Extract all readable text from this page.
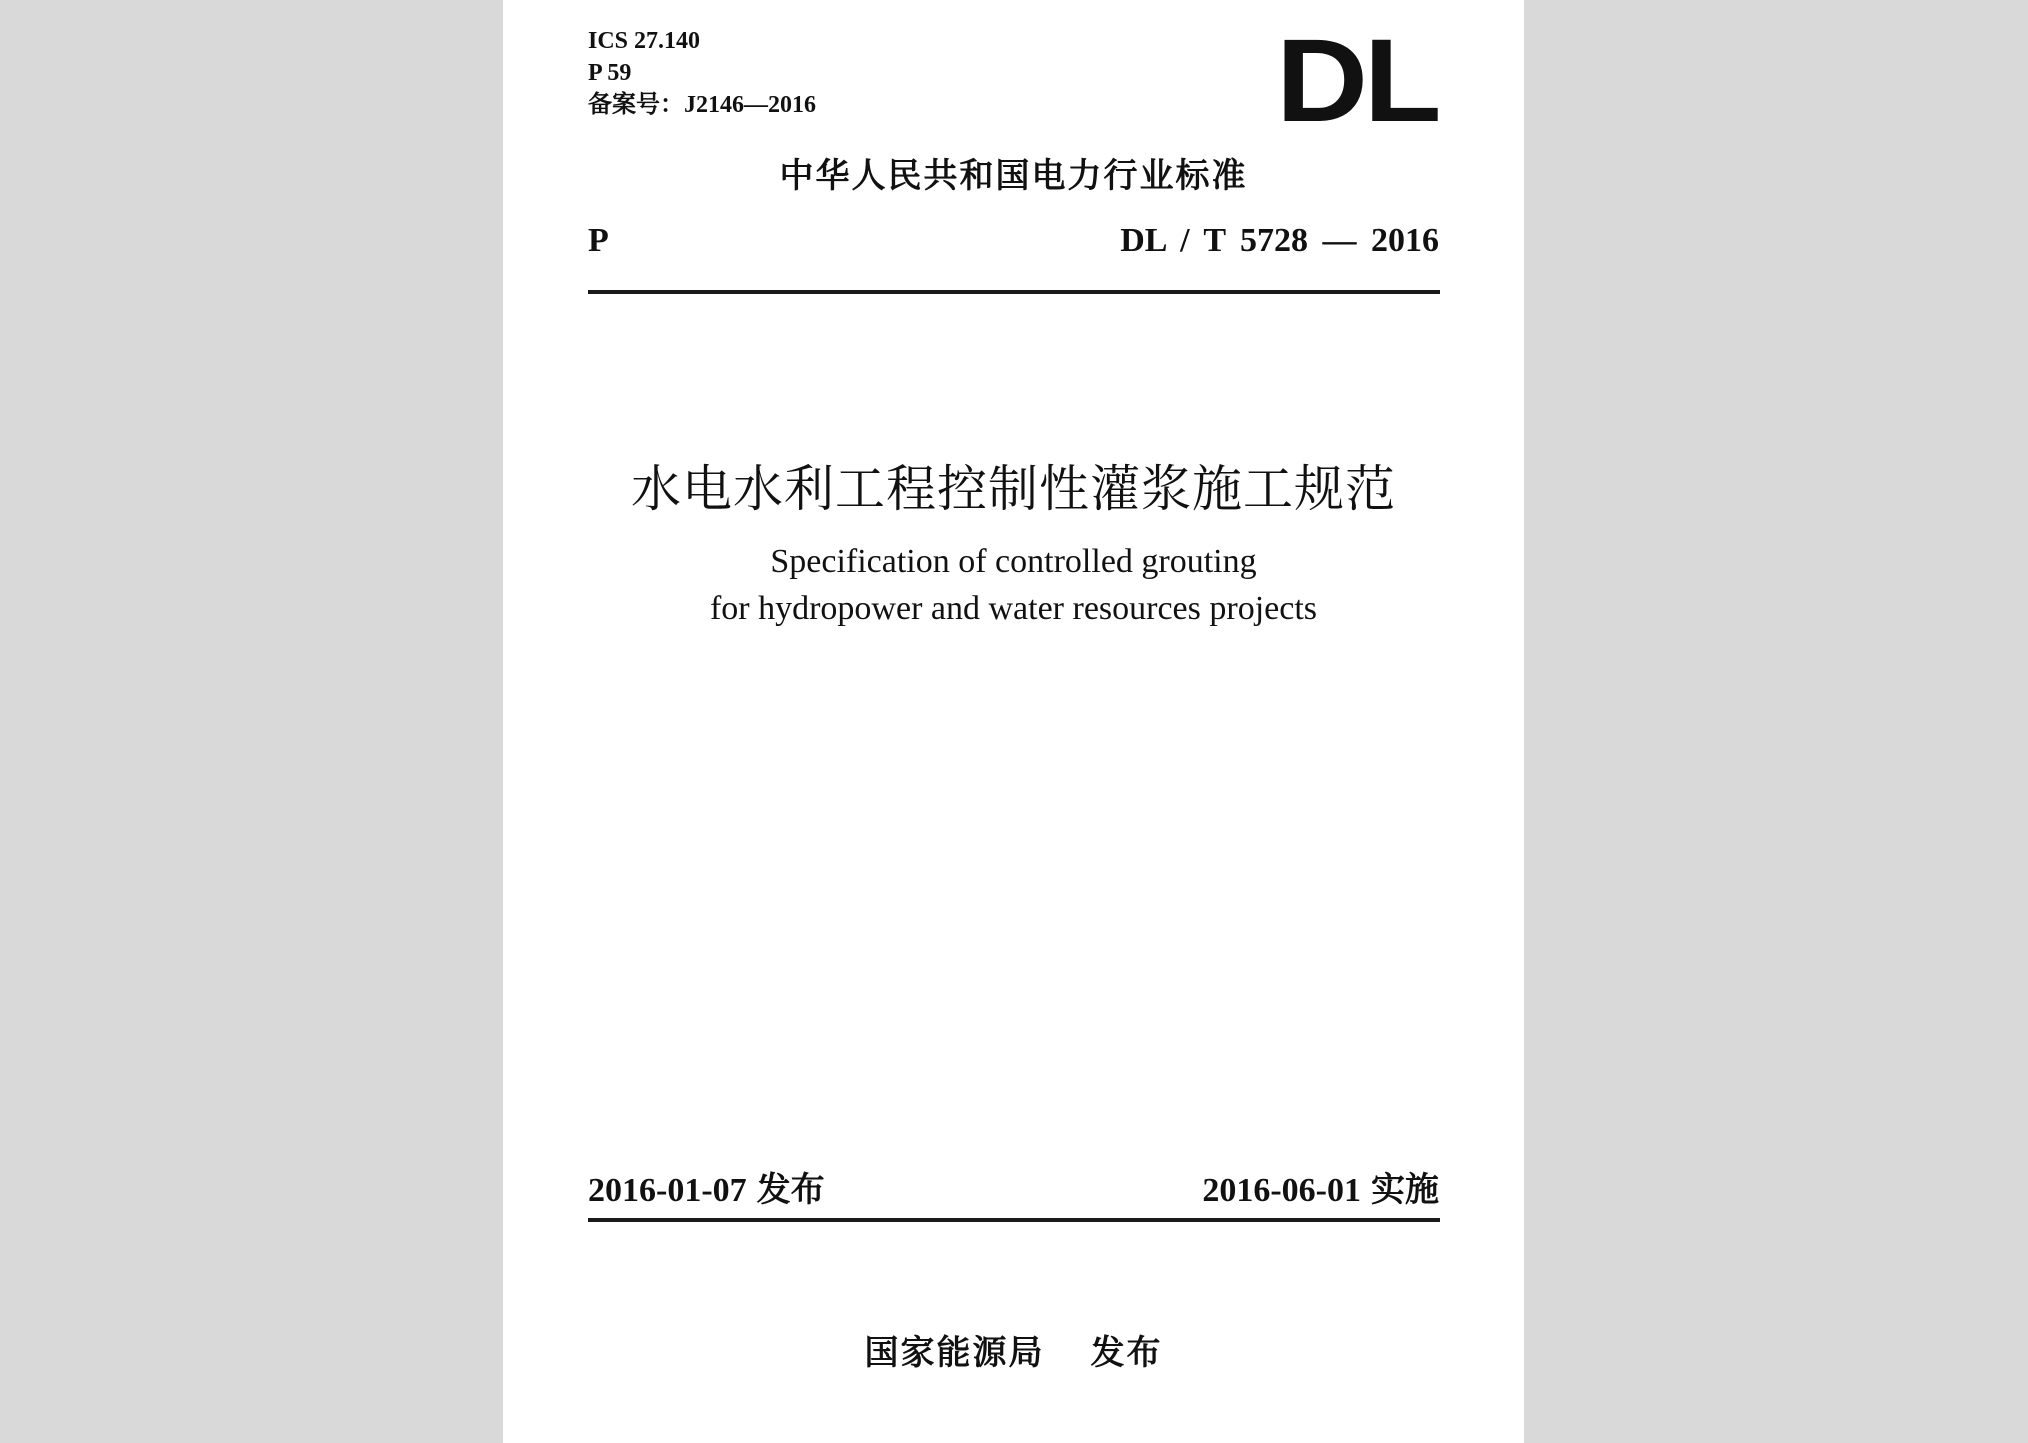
ICS 27.140
P 59
备案号：J2146—2016	DL
中华人民共和国电力行业标准
P	DL / T 5728 — 2016
水电水利工程控制性灌浆施工规范
Specification of controlled grouting
for hydropower and water resources projects
2016-01-07 发布	2016-06-01 实施
国家能源局 发布
